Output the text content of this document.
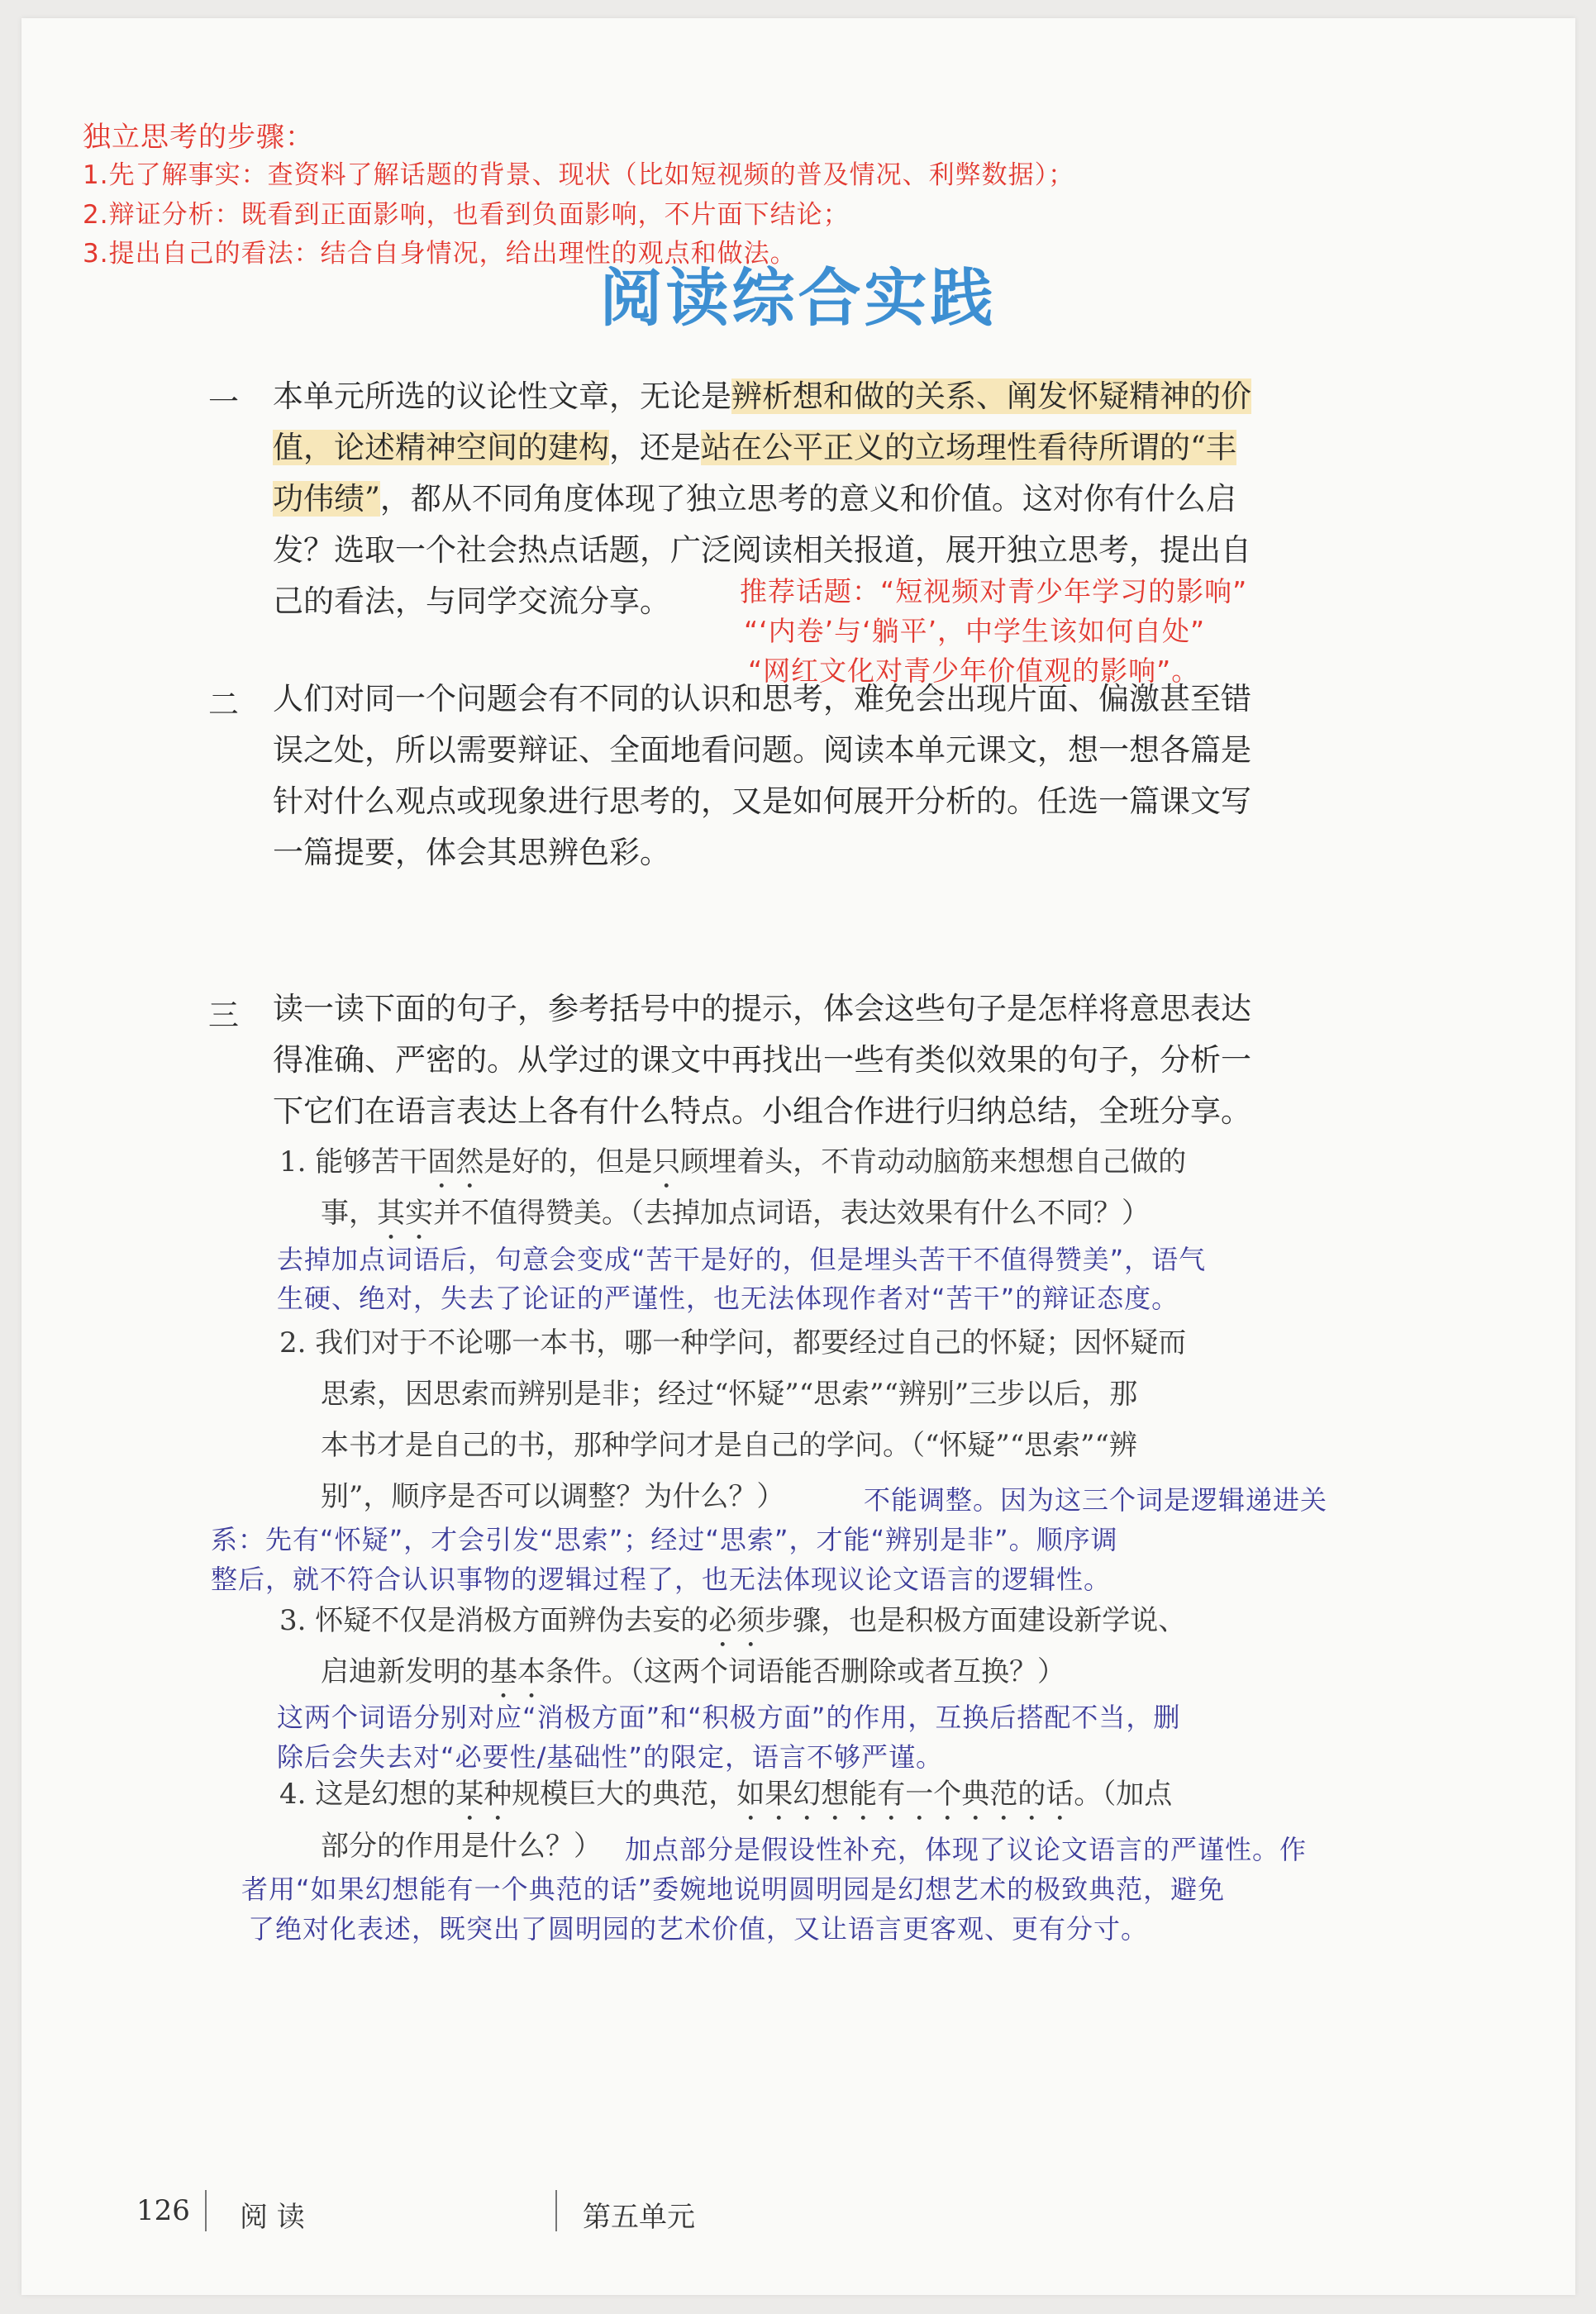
独立思考的步骤：
1.先了解事实：查资料了解话题的背景、现状（比如短视频的普及情况、利弊数据）；
2.辩证分析：既看到正面影响，也看到负面影响，不片面下结论；
3.提出自己的看法：结合自身情况，给出理性的观点和做法。
阅读综合实践
一 本单元所选的议论性文章，无论是辨析想和做的关系、阐发怀疑精神的价
值，论述精神空间的建构，还是站在公平正义的立场理性看待所谓的“丰
功伟绩”，都从不同角度体现了独立思考的意义和价值。这对你有什么启
发？选取一个社会热点话题，广泛阅读相关报道，展开独立思考，提出自
己的看法，与同学交流分享。	推荐话题：“短视频对青少年学习的影响”
“‘内卷’与‘躺平’，中学生该如何自处”
“网红文化对青少年价值观的影响”。
二 人们对同一个问题会有不同的认识和思考，难免会出现片面、偏激甚至错
误之处，所以需要辩证、全面地看问题。阅读本单元课文，想一想各篇是
针对什么观点或现象进行思考的，又是如何展开分析的。任选一篇课文写
一篇提要，体会其思辨色彩。
三 读一读下面的句子，参考括号中的提示，体会这些句子是怎样将意思表达
得准确、严密的。从学过的课文中再找出一些有类似效果的句子，分析一
下它们在语言表达上各有什么特点。小组合作进行归纳总结，全班分享。
1. 能够苦干固然是好的，但是只顾埋着头，不肯动动脑筋来想想自己做的
事，其实并不值得赞美。（去掉加点词语，表达效果有什么不同？）
去掉加点词语后，句意会变成“苦干是好的，但是埋头苦干不值得赞美”，语气
生硬、绝对，失去了论证的严谨性，也无法体现作者对“苦干”的辩证态度。
2. 我们对于不论哪一本书，哪一种学问，都要经过自己的怀疑；因怀疑而
思索，因思索而辨别是非；经过“怀疑”“思索”“辨别”三步以后，那
本书才是自己的书，那种学问才是自己的学问。（“怀疑”“思索”“辨
别”，顺序是否可以调整？为什么？）	不能调整。因为这三个词是逻辑递进关
系：先有“怀疑”，才会引发“思索”；经过“思索”，才能“辨别是非”。顺序调
整后，就不符合认识事物的逻辑过程了，也无法体现议论文语言的逻辑性。
3. 怀疑不仅是消极方面辨伪去妄的必须步骤，也是积极方面建设新学说、
启迪新发明的基本条件。（这两个词语能否删除或者互换？）
这两个词语分别对应“消极方面”和“积极方面”的作用，互换后搭配不当，删
除后会失去对“必要性/基础性”的限定，语言不够严谨。
4. 这是幻想的某种规模巨大的典范，如果幻想能有一个典范的话。（加点
部分的作用是什么？） 加点部分是假设性补充，体现了议论文语言的严谨性。作
者用“如果幻想能有一个典范的话”委婉地说明圆明园是幻想艺术的极致典范，避免
了绝对化表述，既突出了圆明园的艺术价值，又让语言更客观、更有分寸。
126 阅 读	第五单元
